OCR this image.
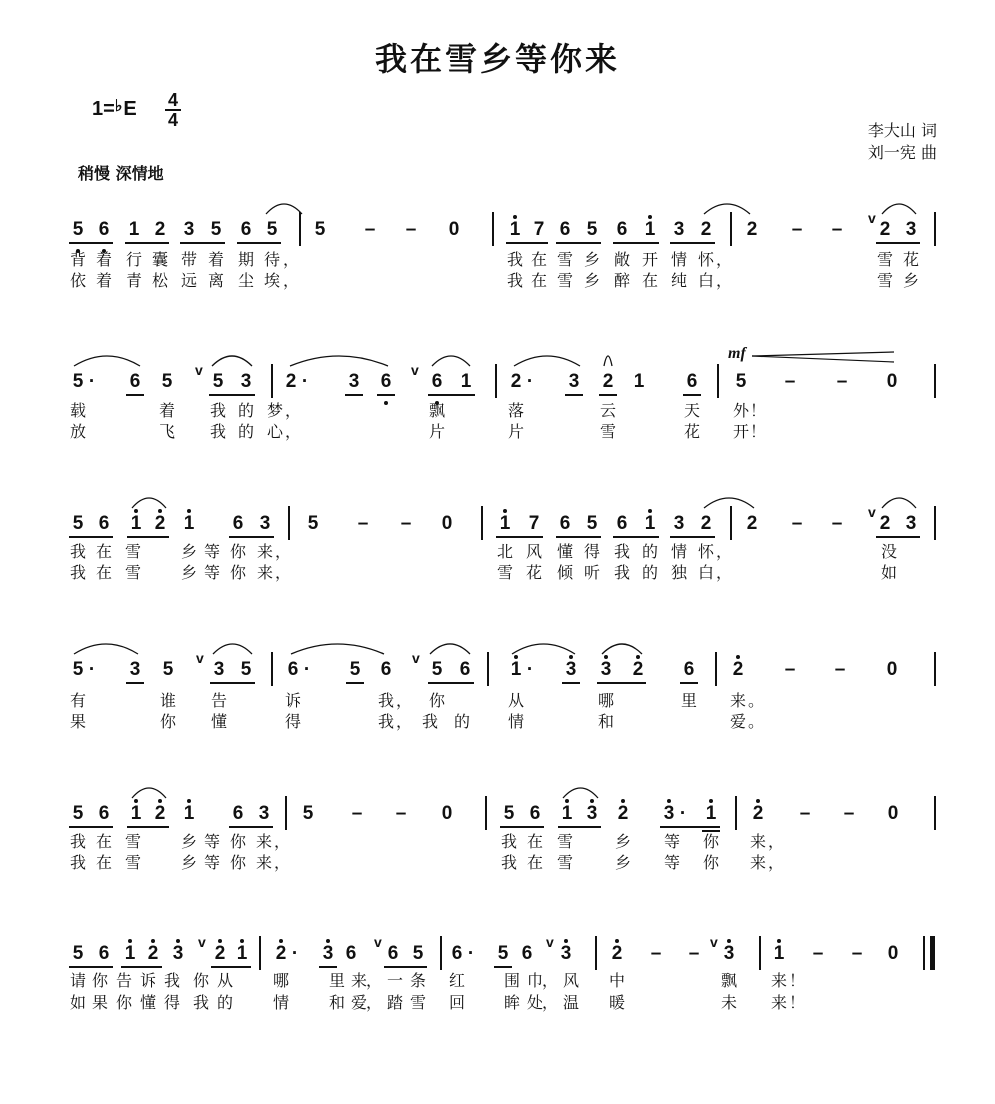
我在雪乡等你来
1=♭E 4
4
李大山 词
刘一宪 曲
稍慢 深情地
mf
5 6 1 2 3 5 6 5 5 – – 0	1 7 6 5 6 1 3 2 2 – – 2 3
v
背 着 行 囊 带 着 期 待 ，	我 在 雪 乡 敞 开 情 怀 ，	雪 花
依 着 青 松 远 离 尘 埃 ，	我 在 雪 乡 醉 在 纯 白 ，	雪 乡
5 ·	6 5 5 3 2 ·	3 6 6 1 2 ·	3 2 1 6 5 – – 0
v	v
载	着 我 的 梦 ，	飘	落	云	天 外 ！
放	飞 我 的 心 ，	片	片	雪	花 开 ！
5 6 1 2 1 6 3 5 – – 0 1 7 6 5 6 1 3 2 2 – – 2 3
v
我 在 雪 乡 等 你 来 ，	北 风 懂 得 我 的 情 怀 ，	没
我 在 雪 乡 等 你 来 ，	雪 花 倾 听 我 的 独 白 ，	如
5 ·	3 5 3 5 6 ·	5 6 5 6 1 ·	3 3 2 6 2 – – 0
v	v
有	谁 告	诉	我 ， 你	从	哪	里 来 。
果	你 懂	得	我 ， 我 的 情	和	爱 。
5 6 1 2 1 6 3 5 – – 0	5 6 1 3 2 3 ·	1 2 – – 0
我 在 雪 乡 等 你 来 ，	我 在 雪	乡 等 你 来 ，
我 在 雪 乡 等 你 来 ，	我 在 雪	乡 等 你 来 ，
5 6 1 2 3 2 1 2 ·	3 6 6 5 6 ·	5 6 3 2 – – 3 1 – – 0
v	v	v	v
请 你 告 诉 我 你 从 哪 里 来
， 一 条 红 围 巾
， 风 中	飘 来 ！
如 果 你 懂 得 我 的 情 和 爱
， 踏 雪 回 眸 处
， 温 暖	未 来 ！
